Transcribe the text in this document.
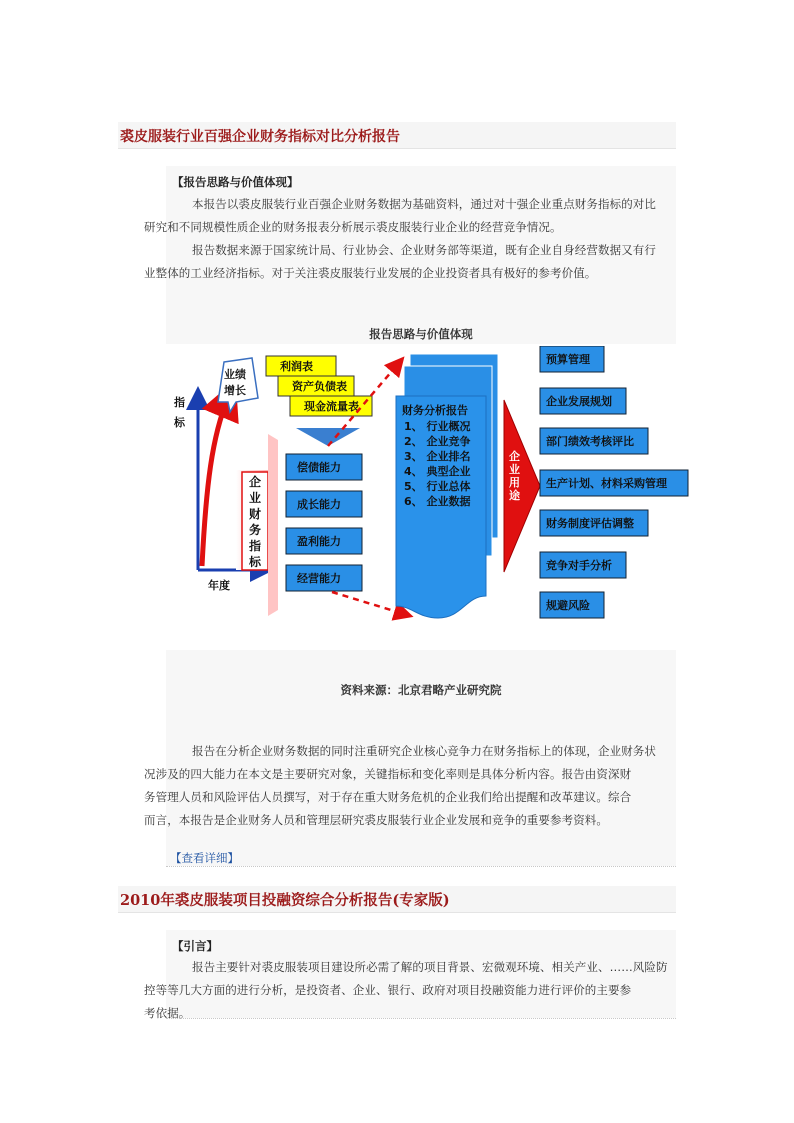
裘皮服装行业百强企业财务指标对比分析报告
【报告思路与价值体现】

本报告以裘皮服装行业百强企业财务数据为基础资料，通过对十强企业重点财务指标的对比
研究和不同规模性质企业的财务报表分析展示裘皮服装行业企业的经营竞争情况。

报告数据来源于国家统计局、行业协会、企业财务部等渠道，既有企业自身经营数据又有行
业整体的工业经济指标。对于关注裘皮服装行业发展的企业投资者具有极好的参考价值。

报告思路与价值体现
指
标
年度
业绩
增长
企
业
财
务
指
标
利润表
资产负债表
现金流量表
偿债能力
成长能力
盈利能力
经营能力
财务分析报告
1、 行业概况
2、 企业竞争
3、 企业排名
4、 典型企业
5、 行业总体
6、 企业数据
企
业
用
途
预算管理
企业发展规划
部门绩效考核评比
生产计划、材料采购管理
财务制度评估调整
竞争对手分析
规避风险
资料来源：北京君略产业研究院

报告在分析企业财务数据的同时注重研究企业核心竞争力在财务指标上的体现，企业财务状
况涉及的四大能力在本文是主要研究对象，关键指标和变化率则是具体分析内容。报告由资深财
务管理人员和风险评估人员撰写，对于存在重大财务危机的企业我们给出提醒和改革建议。综合
而言，本报告是企业财务人员和管理层研究裘皮服装行业企业发展和竞争的重要参考资料。

【查看详细】
2010年裘皮服装项目投融资综合分析报告(专家版)
【引言】

报告主要针对裘皮服装项目建设所必需了解的项目背景、宏微观环境、相关产业、……风险防
控等等几大方面的进行分析，是投资者、企业、银行、政府对项目投融资能力进行评价的主要参
考依据。
